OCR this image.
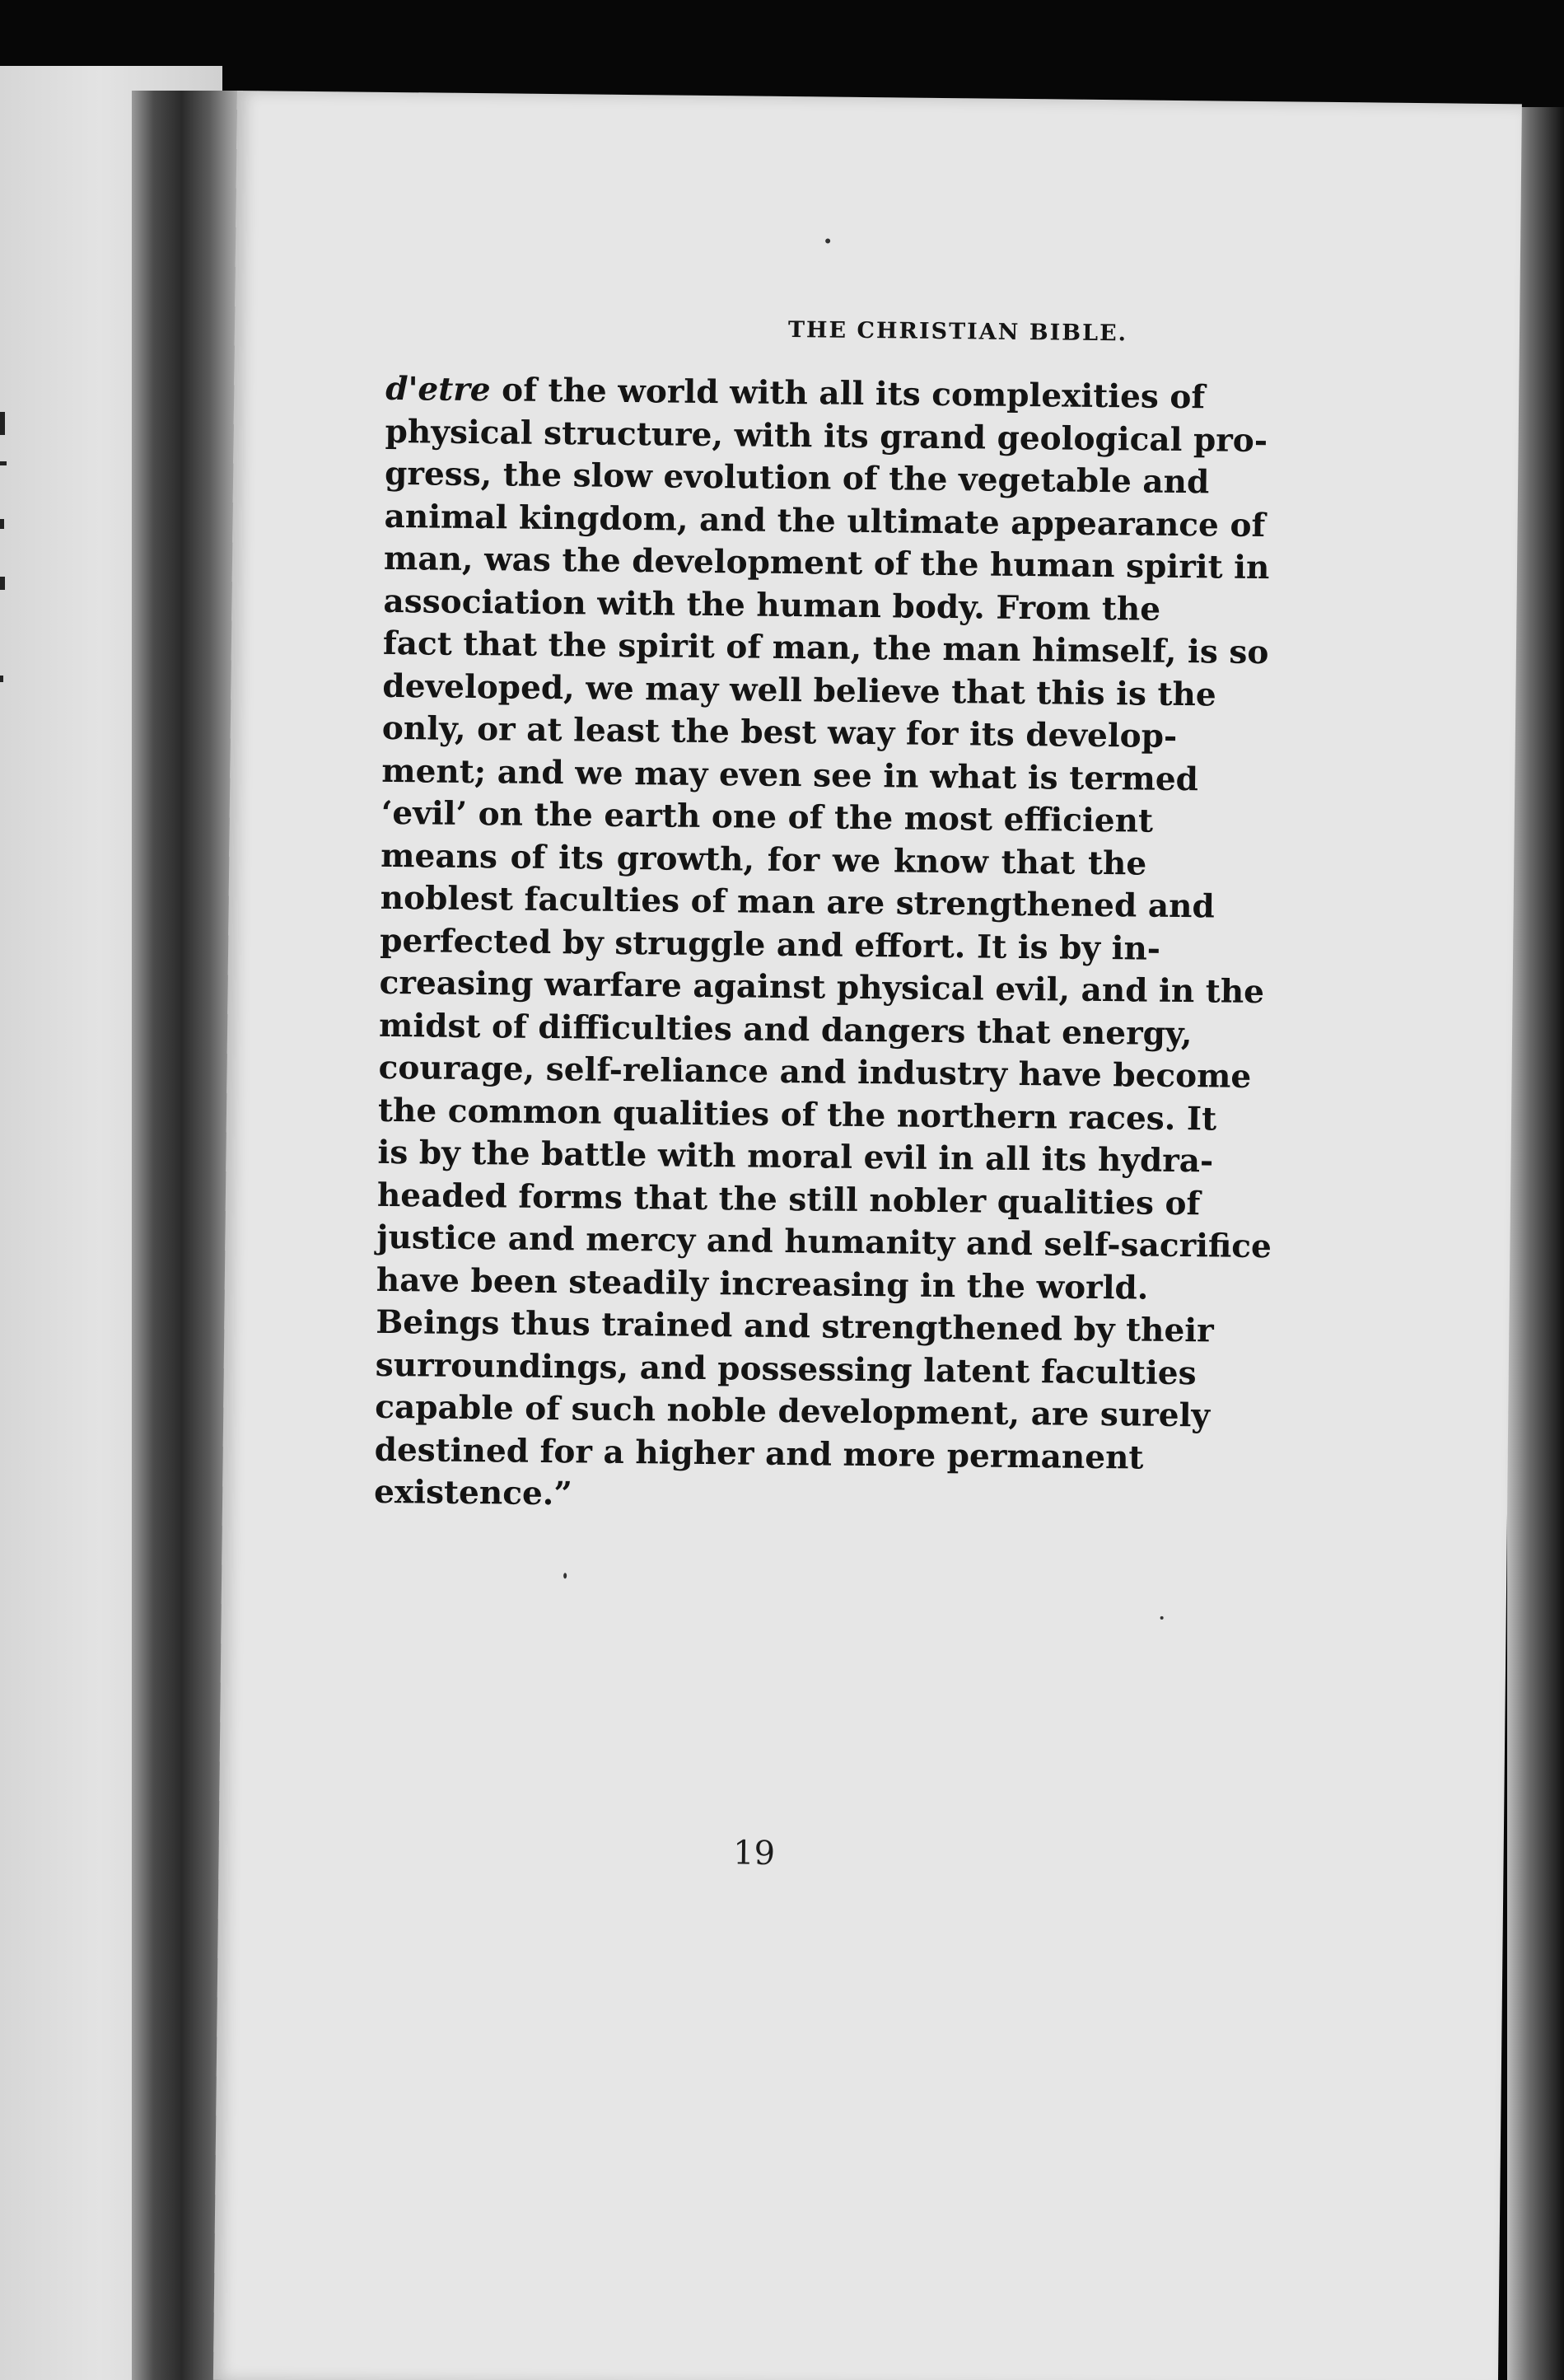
THE CHRISTIAN BIBLE.
d'etre of the world with all its complexities of
physical structure, with its grand geological pro-
gress, the slow evolution of the vegetable and
animal kingdom, and the ultimate appearance of
man, was the development of the human spirit in
association with the human body. From the
fact that the spirit of man, the man himself, is so
developed, we may well believe that this is the
only, or at least the best way for its develop-
ment; and we may even see in what is termed
‘evil’ on the earth one of the most efficient
means of its growth, for we know that the
noblest faculties of man are strengthened and
perfected by struggle and effort. It is by in-
creasing warfare against physical evil, and in the
midst of difficulties and dangers that energy,
courage, self-reliance and industry have become
the common qualities of the northern races. It
is by the battle with moral evil in all its hydra-
headed forms that the still nobler qualities of
justice and mercy and humanity and self-sacrifice
have been steadily increasing in the world.
Beings thus trained and strengthened by their
surroundings, and possessing latent faculties
capable of such noble development, are surely
destined for a higher and more permanent
existence.”
19
